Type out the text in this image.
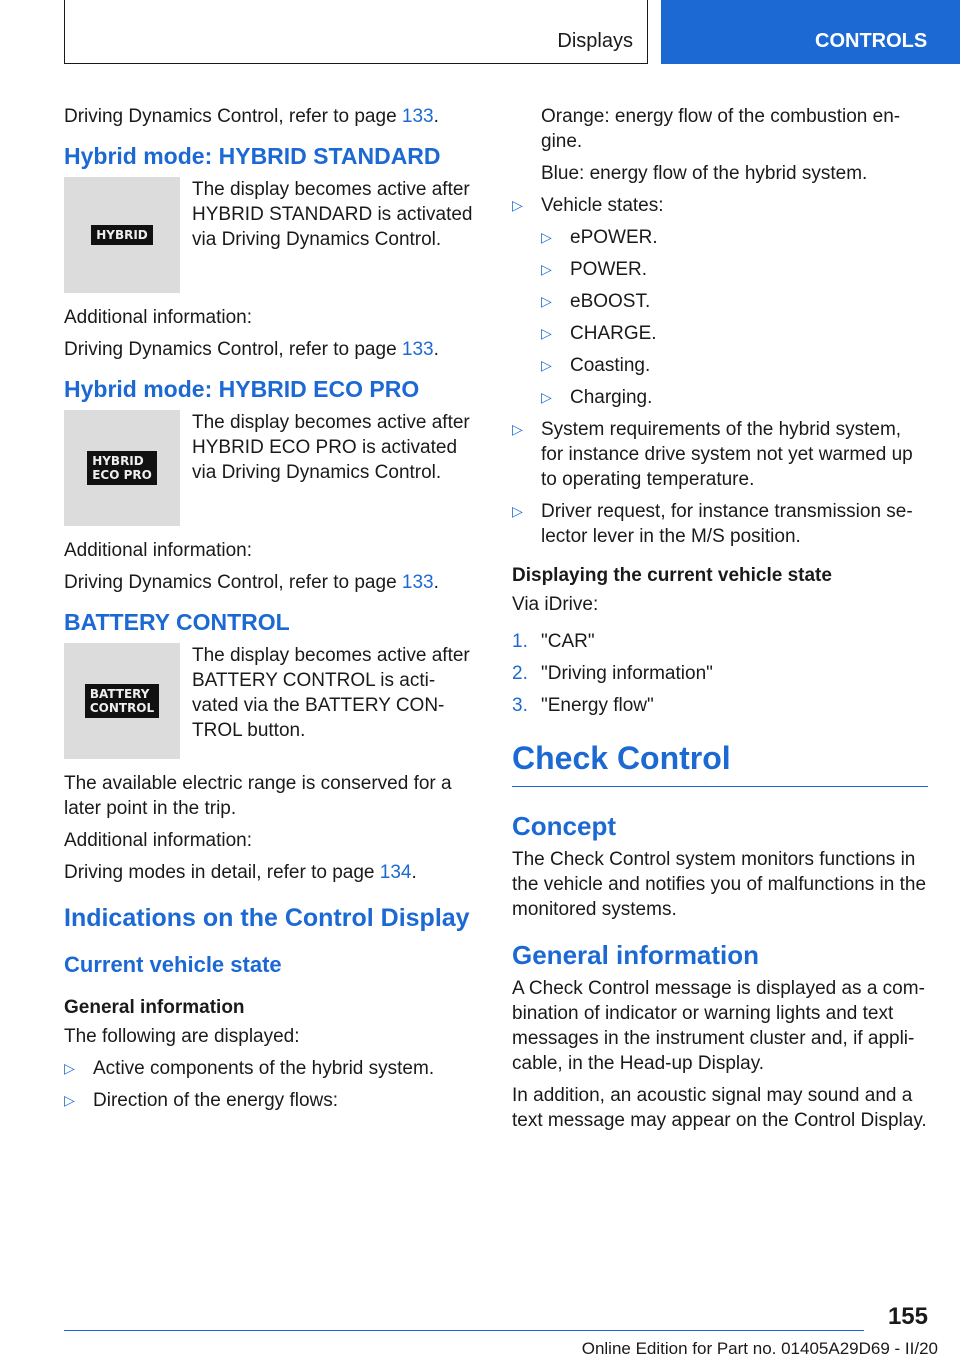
Displays	CONTROLS

Driving Dynamics Control, refer to page 133.

Hybrid mode: HYBRID STANDARD
HYBRID
The display becomes active after HYBRID STANDARD is activated via Driving Dynamics Control.

Additional information:

Driving Dynamics Control, refer to page 133.

Hybrid mode: HYBRID ECO PRO
HYBRID
ECO PRO
The display becomes active after HYBRID ECO PRO is activated via Driving Dynamics Control.

Additional information:

Driving Dynamics Control, refer to page 133.

BATTERY CONTROL
BATTERY
CONTROL
The display becomes active after BATTERY CONTROL is acti- vated via the BATTERY CON- TROL button.

The available electric range is conserved for a later point in the trip.

Additional information:

Driving modes in detail, refer to page 134.

Indications on the Control Display
Current vehicle state
General information

The following are displayed:

▷ Active components of the hybrid system.
▷ Direction of the energy flows:

Orange: energy flow of the combustion en- gine.

Blue: energy flow of the hybrid system.

▷ Vehicle states:
▷ ePOWER.
▷ POWER.
▷ eBOOST.
▷ CHARGE.
▷ Coasting.
▷ Charging.
▷ System requirements of the hybrid system, for instance drive system not yet warmed up to operating temperature.
▷ Driver request, for instance transmission se- lector lever in the M/S position.
Displaying the current vehicle state

Via iDrive:

1. "CAR"
2. "Driving information"
3. "Energy flow"
Check Control
Concept

The Check Control system monitors functions in the vehicle and notifies you of malfunctions in the monitored systems.

General information

A Check Control message is displayed as a com- bination of indicator or warning lights and text messages in the instrument cluster and, if appli- cable, in the Head-up Display.

In addition, an acoustic signal may sound and a text message may appear on the Control Display.

155
Online Edition for Part no. 01405A29D69 - II/20
